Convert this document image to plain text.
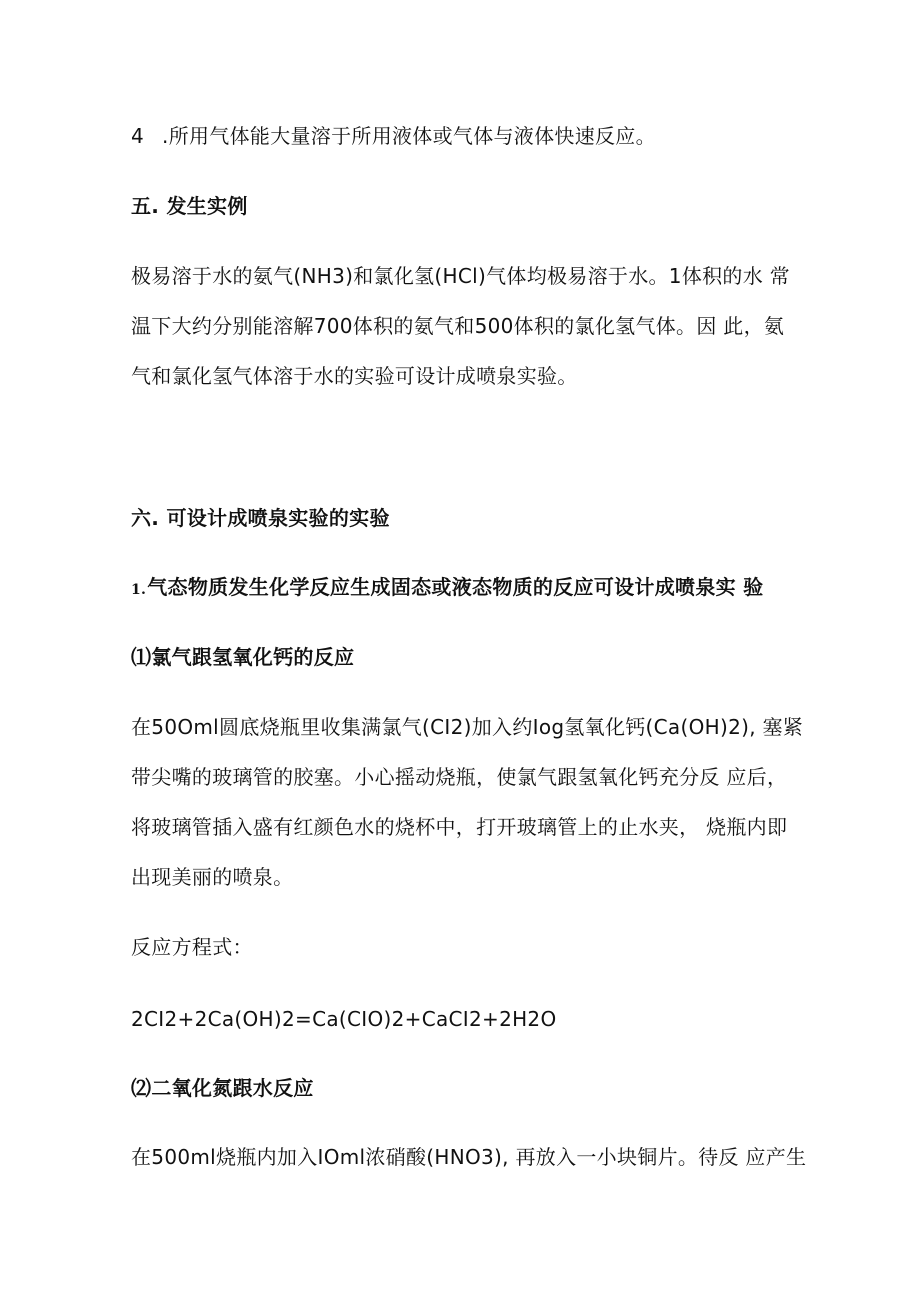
4 .所用气体能大量溶于所用液体或气体与液体快速反应。
五. 发生实例
极易溶于水的氨气(NH3)和氯化氢(HCl)气体均极易溶于水。1体积的水 常
温下大约分别能溶解700体积的氨气和500体积的氯化氢气体。因 此，氨
气和氯化氢气体溶于水的实验可设计成喷泉实验。
六. 可设计成喷泉实验的实验
1.气态物质发生化学反应生成固态或液态物质的反应可设计成喷泉实 验
⑴氯气跟氢氧化钙的反应
在50Oml圆底烧瓶里收集满氯气(CI2)加入约Iog氢氧化钙(Ca(OH)2), 塞紧
带尖嘴的玻璃管的胶塞。小心摇动烧瓶，使氯气跟氢氧化钙充分反 应后，
将玻璃管插入盛有红颜色水的烧杯中，打开玻璃管上的止水夹， 烧瓶内即
出现美丽的喷泉。
反应方程式：
2CI2+2Ca(OH)2=Ca(CIO)2+CaCI2+2H2O
⑵二氧化氮跟水反应
在500ml烧瓶内加入IOml浓硝酸(HNO3), 再放入一小块铜片。待反 应产生
